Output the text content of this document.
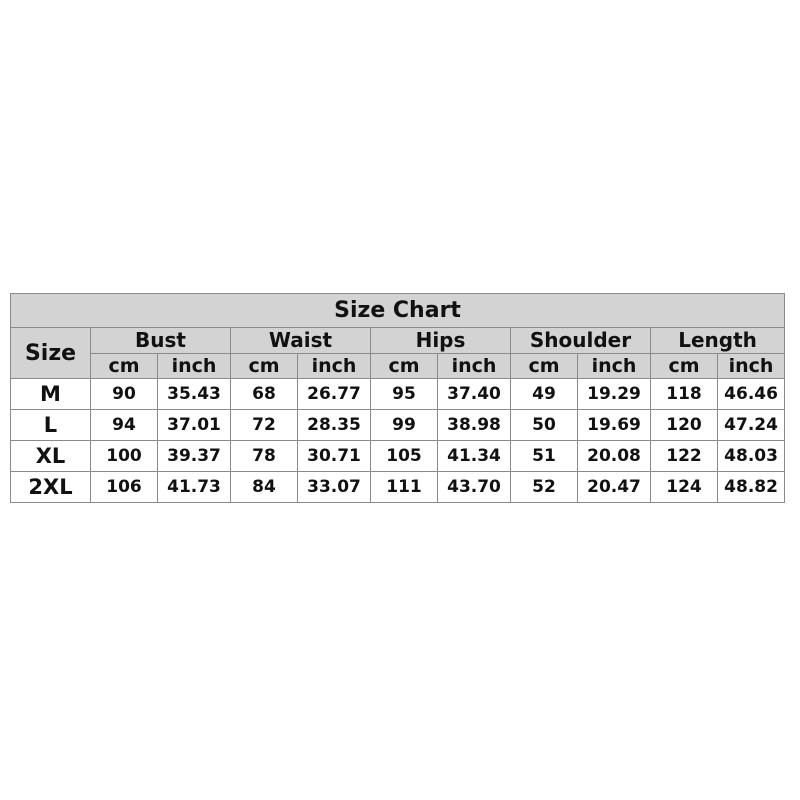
Size Chart										
Size	Bust		Waist		Hips		Shoulder		Length	
	cm	inch	cm	inch	cm	inch	cm	inch	cm	inch
M	90	35.43	68	26.77	95	37.40	49	19.29	118	46.46
L	94	37.01	72	28.35	99	38.98	50	19.69	120	47.24
XL	100	39.37	78	30.71	105	41.34	51	20.08	122	48.03
2XL	106	41.73	84	33.07	111	43.70	52	20.47	124	48.82
